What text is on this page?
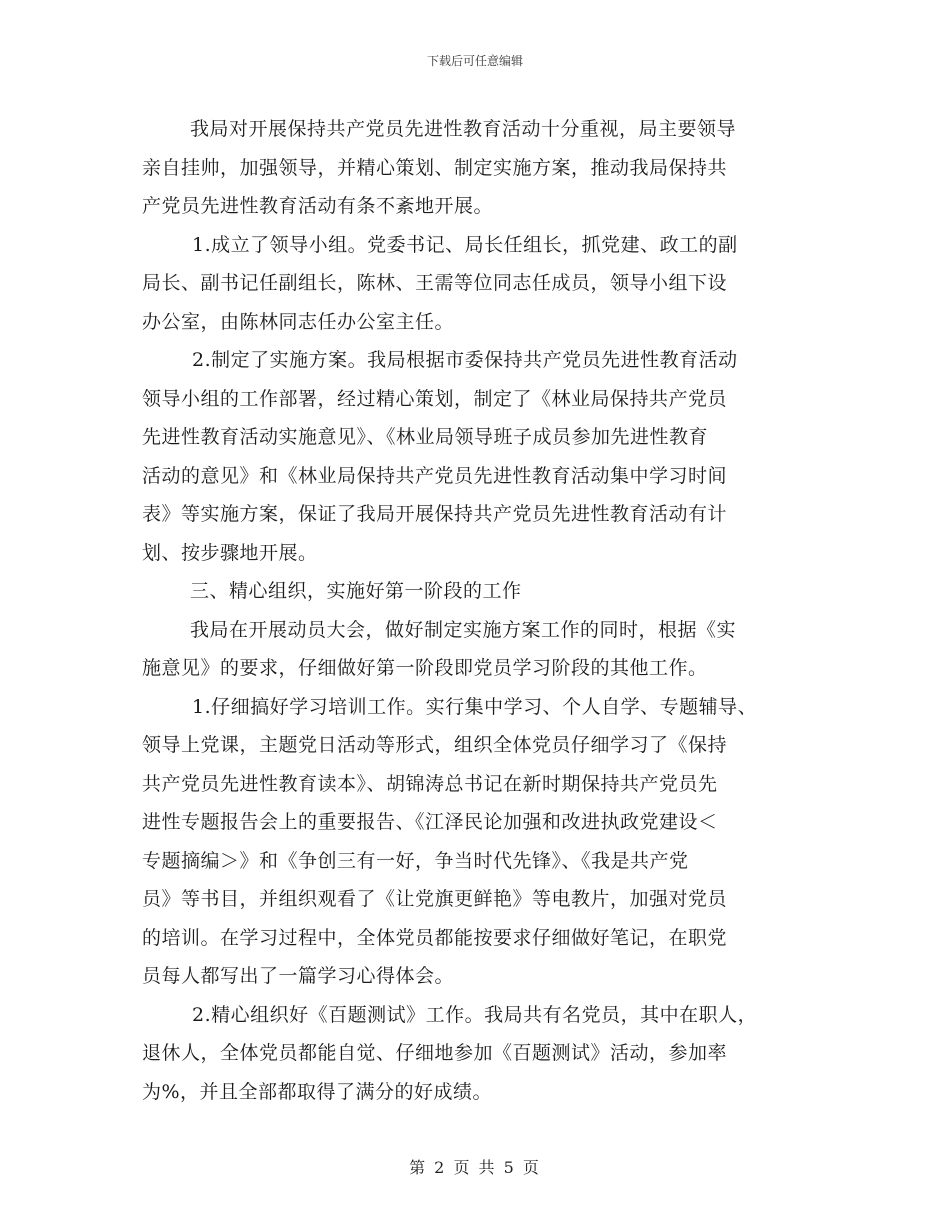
下载后可任意编辑
我局对开展保持共产党员先进性教育活动十分重视，局主要领导
亲自挂帅，加强领导，并精心策划、制定实施方案，推动我局保持共
产党员先进性教育活动有条不紊地开展。
1.成立了领导小组。党委书记、局长任组长，抓党建、政工的副
局长、副书记任副组长，陈林、王需等位同志任成员，领导小组下设
办公室，由陈林同志任办公室主任。
2.制定了实施方案。我局根据市委保持共产党员先进性教育活动
领导小组的工作部署，经过精心策划，制定了《林业局保持共产党员
先进性教育活动实施意见》、《林业局领导班子成员参加先进性教育
活动的意见》和《林业局保持共产党员先进性教育活动集中学习时间
表》等实施方案，保证了我局开展保持共产党员先进性教育活动有计
划、按步骤地开展。
三、精心组织，实施好第一阶段的工作
我局在开展动员大会，做好制定实施方案工作的同时，根据《实
施意见》的要求，仔细做好第一阶段即党员学习阶段的其他工作。
1.仔细搞好学习培训工作。实行集中学习、个人自学、专题辅导、
领导上党课，主题党日活动等形式，组织全体党员仔细学习了《保持
共产党员先进性教育读本》、胡锦涛总书记在新时期保持共产党员先
进性专题报告会上的重要报告、《江泽民论加强和改进执政党建设＜
专题摘编＞》和《争创三有一好，争当时代先锋》、《我是共产党
员》等书目，并组织观看了《让党旗更鲜艳》等电教片，加强对党员
的培训。在学习过程中，全体党员都能按要求仔细做好笔记，在职党
员每人都写出了一篇学习心得体会。
2.精心组织好《百题测试》工作。我局共有名党员，其中在职人，
退休人，全体党员都能自觉、仔细地参加《百题测试》活动，参加率
为%，并且全部都取得了满分的好成绩。
第 2 页 共 5 页
